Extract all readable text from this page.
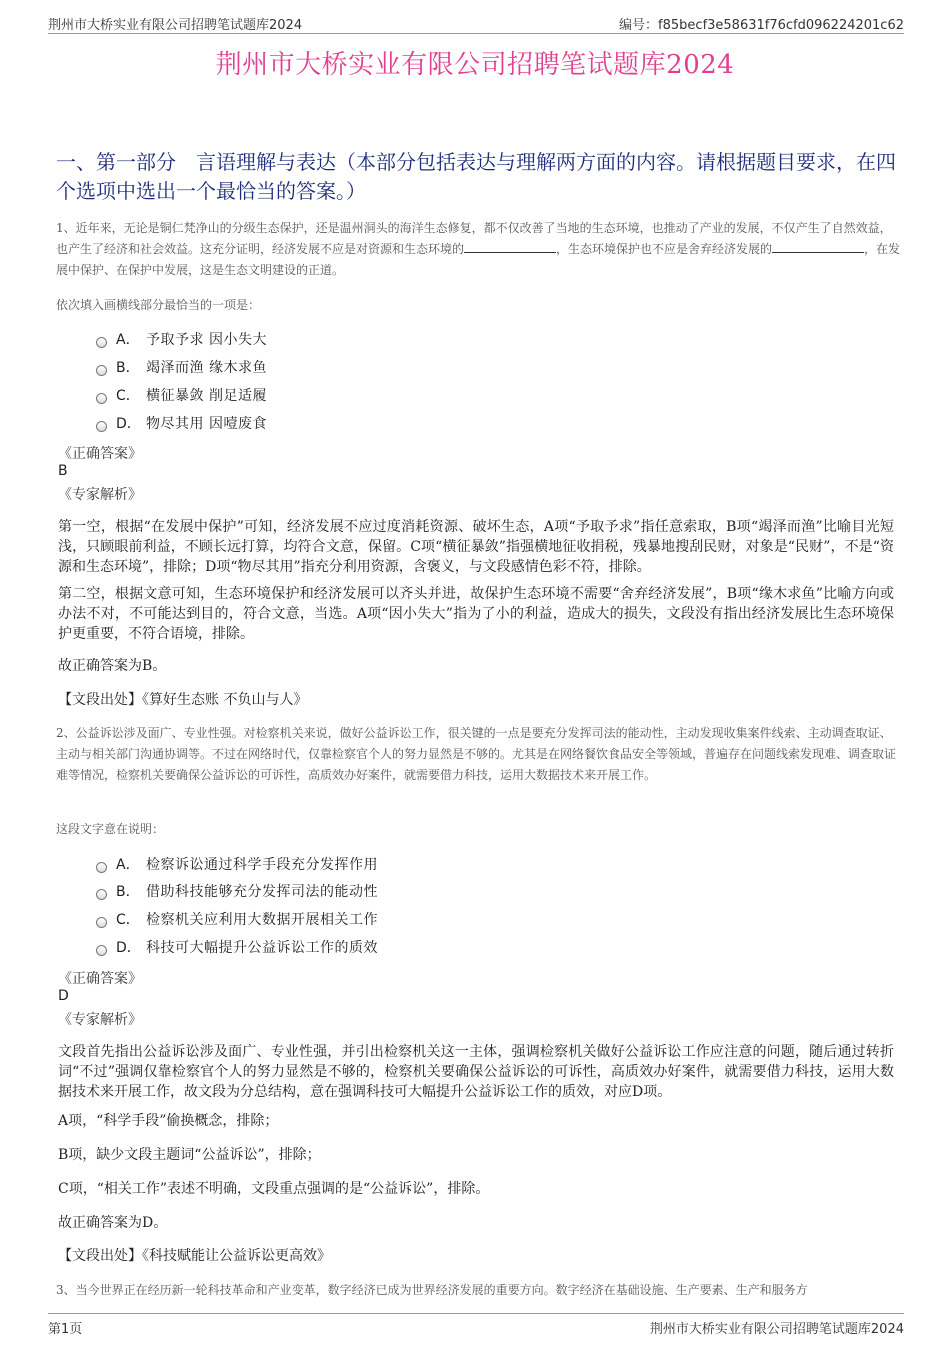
荆州市大桥实业有限公司招聘笔试题库2024	编号：f85becf3e58631f76cfd096224201c62
荆州市大桥实业有限公司招聘笔试题库2024
一、第一部分　言语理解与表达（本部分包括表达与理解两方面的内容。请根据题目要求，在四个选项中选出一个最恰当的答案。）
1、近年来，无论是铜仁梵净山的分级生态保护，还是温州洞头的海洋生态修复，都不仅改善了当地的生态环境，也推动了产业的发展，不仅产生了自然效益，也产生了经济和社会效益。这充分证明，经济发展不应是对资源和生态环境的	，生态环境保护也不应是舍弃经济发展的	，在发展中保护、在保护中发展，这是生态文明建设的正道。
依次填入画横线部分最恰当的一项是：
A． 予取予求 因小失大
B． 竭泽而渔 缘木求鱼
C． 横征暴敛 削足适履
D． 物尽其用 因噎废食
《正确答案》
B
《专家解析》
第一空，根据“在发展中保护”可知，经济发展不应过度消耗资源、破坏生态，A项“予取予求”指任意索取，B项“竭泽而渔”比喻目光短浅，只顾眼前利益，不顾长远打算，均符合文意，保留。C项“横征暴敛”指强横地征收捐税，残暴地搜刮民财，对象是“民财”，不是“资源和生态环境”，排除；D项“物尽其用”指充分利用资源，含褒义，与文段感情色彩不符，排除。
第二空，根据文意可知，生态环境保护和经济发展可以齐头并进，故保护生态环境不需要“舍弃经济发展”，B项“缘木求鱼”比喻方向或办法不对，不可能达到目的，符合文意，当选。A项“因小失大”指为了小的利益，造成大的损失，文段没有指出经济发展比生态环境保护更重要，不符合语境，排除。
故正确答案为B。
【文段出处】《算好生态账 不负山与人》
2、公益诉讼涉及面广、专业性强。对检察机关来说，做好公益诉讼工作，很关键的一点是要充分发挥司法的能动性，主动发现收集案件线索、主动调查取证、主动与相关部门沟通协调等。不过在网络时代，仅靠检察官个人的努力显然是不够的。尤其是在网络餐饮食品安全等领域，普遍存在问题线索发现难、调查取证难等情况，检察机关要确保公益诉讼的可诉性，高质效办好案件，就需要借力科技，运用大数据技术来开展工作。
这段文字意在说明：
A． 检察诉讼通过科学手段充分发挥作用
B． 借助科技能够充分发挥司法的能动性
C． 检察机关应利用大数据开展相关工作
D． 科技可大幅提升公益诉讼工作的质效
《正确答案》
D
《专家解析》
文段首先指出公益诉讼涉及面广、专业性强，并引出检察机关这一主体，强调检察机关做好公益诉讼工作应注意的问题，随后通过转折词“不过”强调仅靠检察官个人的努力显然是不够的，检察机关要确保公益诉讼的可诉性，高质效办好案件，就需要借力科技，运用大数据技术来开展工作，故文段为分总结构，意在强调科技可大幅提升公益诉讼工作的质效，对应D项。
A项，“科学手段”偷换概念，排除；
B项，缺少文段主题词“公益诉讼”，排除；
C项，“相关工作”表述不明确，文段重点强调的是“公益诉讼”，排除。
故正确答案为D。
【文段出处】《科技赋能让公益诉讼更高效》
3、当今世界正在经历新一轮科技革命和产业变革，数字经济已成为世界经济发展的重要方向。数字经济在基础设施、生产要素、生产和服务方
第1页	荆州市大桥实业有限公司招聘笔试题库2024
